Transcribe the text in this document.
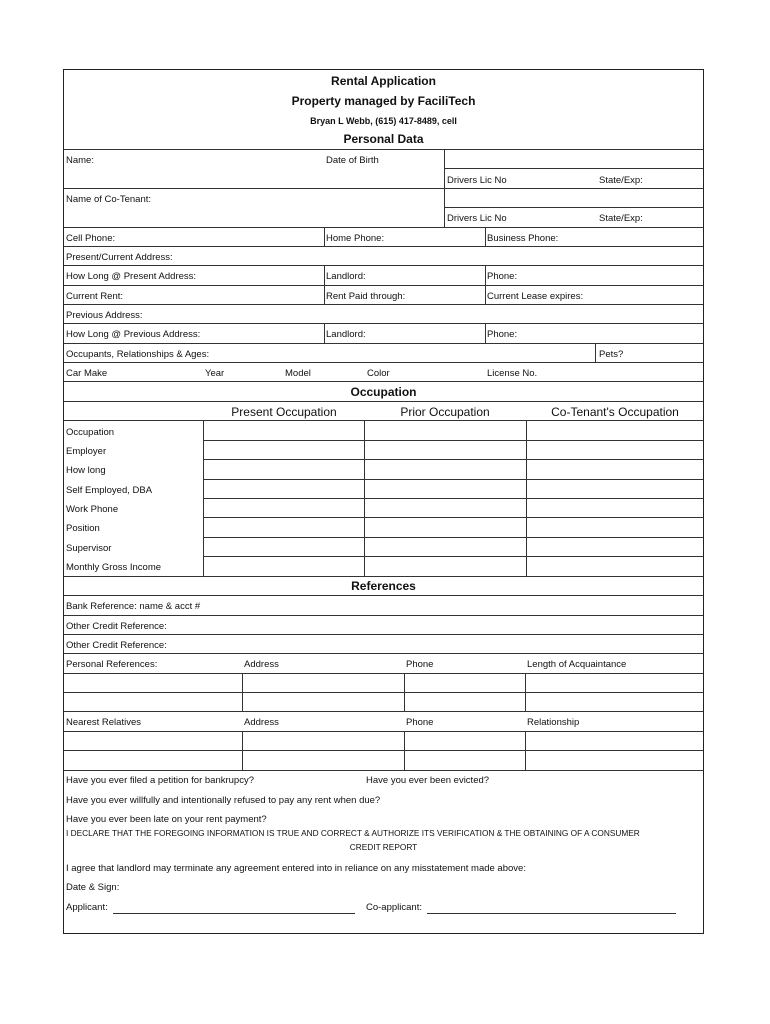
Rental Application
Property managed by FaciliTech
Bryan L Webb, (615) 417-8489, cell
Personal Data
Name:	Date of Birth
Drivers Lic No	State/Exp:
Name of Co-Tenant:
Drivers Lic No	State/Exp:
Cell Phone:	Home Phone:	Business Phone:
Present/Current Address:
How Long @ Present Address:	Landlord:	Phone:
Current Rent:	Rent Paid through:	Current Lease expires:
Previous Address:
How Long @ Previous Address:	Landlord:	Phone:
Occupants, Relationships & Ages:	Pets?
Car Make	Year	Model	Color	License No.
Occupation
Present Occupation	Prior Occupation	Co-Tenant's Occupation
Occupation
Employer
How long
Self Employed, DBA
Work Phone
Position
Supervisor
Monthly Gross Income
References
Bank Reference: name & acct #
Other Credit Reference:
Other Credit Reference:
Personal References:	Address	Phone	Length of Acquaintance
Nearest Relatives	Address	Phone	Relationship
Have you ever filed a petition for bankrupcy?	Have you ever been evicted?
Have you ever willfully and intentionally refused to pay any rent when due?
Have you ever been late on your rent payment?
I DECLARE THAT THE FOREGOING INFORMATION IS TRUE AND CORRECT & AUTHORIZE ITS VERIFICATION & THE OBTAINING OF A CONSUMER
CREDIT REPORT
I agree that landlord may terminate any agreement entered into in reliance on any misstatement made above:
Date & Sign:
Applicant:	Co-applicant:
